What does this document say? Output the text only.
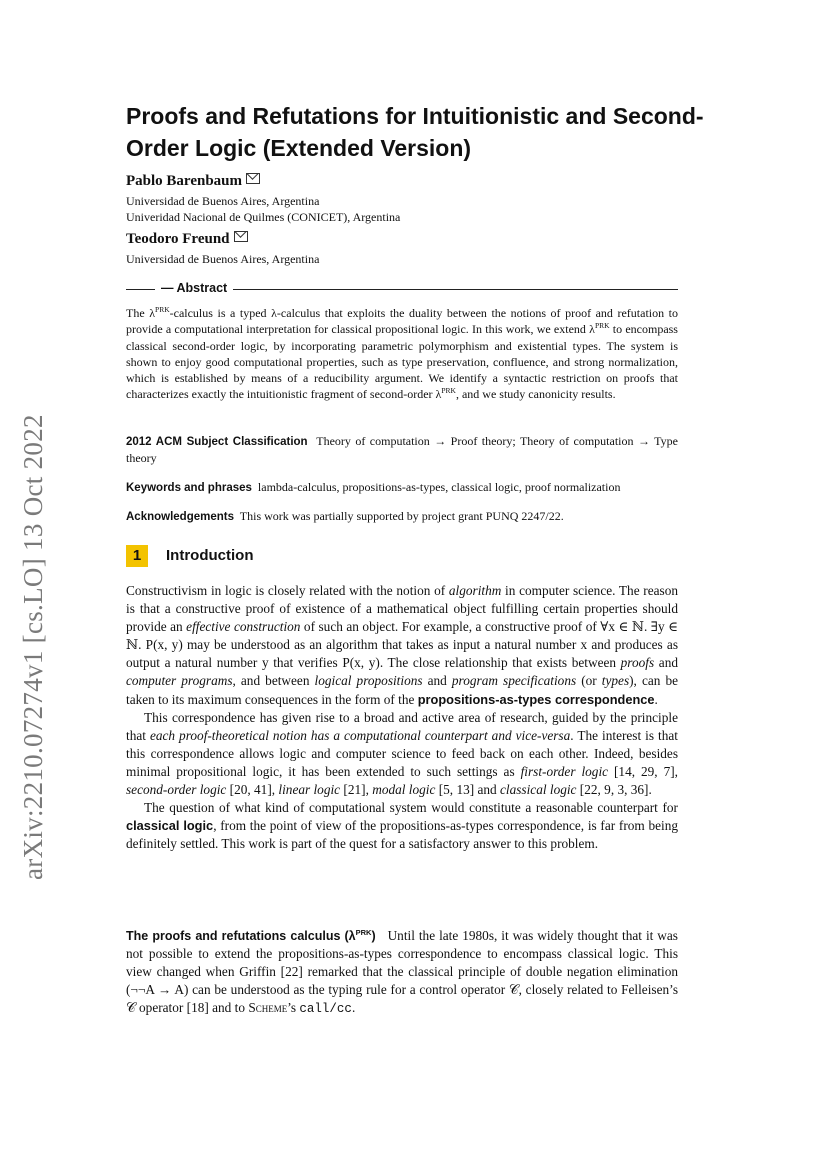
arXiv:2210.07274v1 [cs.LO] 13 Oct 2022
Proofs and Refutations for Intuitionistic and Second-Order Logic (Extended Version)
Pablo Barenbaum
Universidad de Buenos Aires, Argentina
Univeridad Nacional de Quilmes (CONICET), Argentina
Teodoro Freund
Universidad de Buenos Aires, Argentina
— Abstract
The $\lambda^{PRK}$-calculus is a typed λ-calculus that exploits the duality between the notions of proof and refutation to provide a computational interpretation for classical propositional logic. In this work, we extend $\lambda^{PRK}$ to encompass classical second-order logic, by incorporating parametric polymorphism and existential types. The system is shown to enjoy good computational properties, such as type preservation, confluence, and strong normalization, which is established by means of a reducibility argument. We identify a syntactic restriction on proofs that characterizes exactly the intuitionistic fragment of second-order $\lambda^{PRK}$, and we study canonicity results.
2012 ACM Subject Classification Theory of computation → Proof theory; Theory of computation → Type theory
Keywords and phrases lambda-calculus, propositions-as-types, classical logic, proof normalization
Acknowledgements This work was partially supported by project grant PUNQ 2247/22.
1	Introduction

Constructivism in logic is closely related with the notion of algorithm in computer science. The reason is that a constructive proof of existence of a mathematical object fulfilling certain properties should provide an effective construction of such an object. For example, a constructive proof of ∀x ∈ ℕ. ∃y ∈ ℕ. P(x, y) may be understood as an algorithm that takes as input a natural number x and produces as output a natural number y that verifies P(x, y). The close relationship that exists between proofs and computer programs, and between logical propositions and program specifications (or types), can be taken to its maximum consequences in the form of the propositions-as-types correspondence.

This correspondence has given rise to a broad and active area of research, guided by the principle that each proof-theoretical notion has a computational counterpart and vice-versa. The interest is that this correspondence allows logic and computer science to feed back on each other. Indeed, besides minimal propositional logic, it has been extended to such settings as first-order logic [14, 29, 7], second-order logic [20, 41], linear logic [21], modal logic [5, 13] and classical logic [22, 9, 3, 36].

The question of what kind of computational system would constitute a reasonable counterpart for classical logic, from the point of view of the propositions-as-types correspondence, is far from being definitely settled. This work is part of the quest for a satisfactory answer to this problem.

The proofs and refutations calculus $(\lambda^{PRK})$ Until the late 1980s, it was widely thought that it was not possible to extend the propositions-as-types correspondence to encompass classical logic. This view changed when Griffin [22] remarked that the classical principle of double negation elimination (¬¬A → A) can be understood as the typing rule for a control operator 𝒞, closely related to Felleisen’s 𝒞 operator [18] and to Scheme’s call/cc.
